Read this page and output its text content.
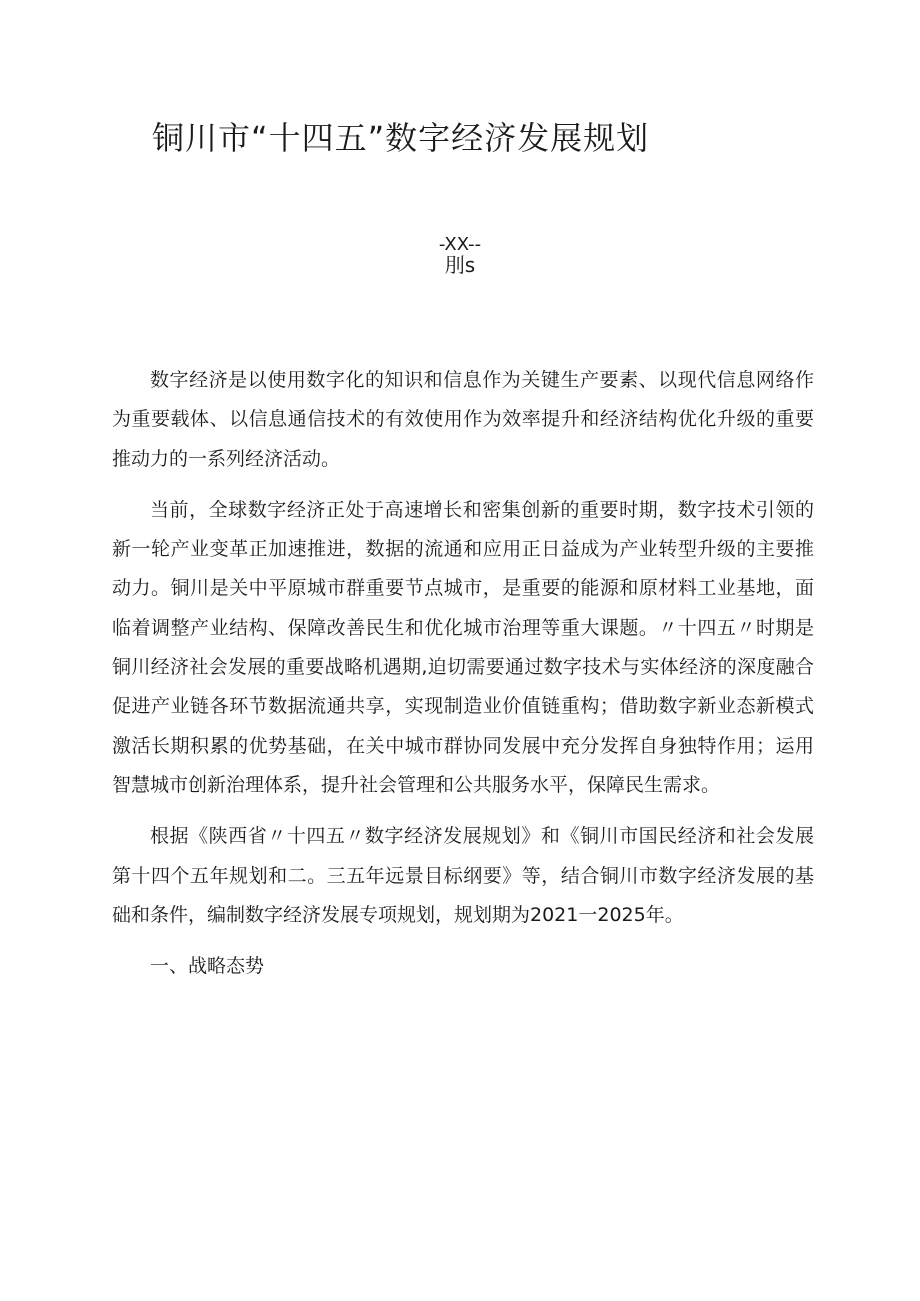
铜川市“十四五”数字经济发展规划
-XX--
刖s

数字经济是以使用数字化的知识和信息作为关键生产要素、以现代信息网络作为重要载体、以信息通信技术的有效使用作为效率提升和经济结构优化升级的重要推动力的一系列经济活动。

当前，全球数字经济正处于高速增长和密集创新的重要时期，数字技术引领的新一轮产业变革正加速推进，数据的流通和应用正日益成为产业转型升级的主要推动力。铜川是关中平原城市群重要节点城市，是重要的能源和原材料工业基地，面临着调整产业结构、保障改善民生和优化城市治理等重大课题。〃十四五〃时期是铜川经济社会发展的重要战略机遇期,迫切需要通过数字技术与实体经济的深度融合促进产业链各环节数据流通共享，实现制造业价值链重构；借助数字新业态新模式激活长期积累的优势基础，在关中城市群协同发展中充分发挥自身独特作用；运用智慧城市创新治理体系，提升社会管理和公共服务水平，保障民生需求。

根据《陕西省〃十四五〃数字经济发展规划》和《铜川市国民经济和社会发展第十四个五年规划和二。三五年远景目标纲要》等，结合铜川市数字经济发展的基础和条件，编制数字经济发展专项规划，规划期为2021一2025年。

一、战略态势
